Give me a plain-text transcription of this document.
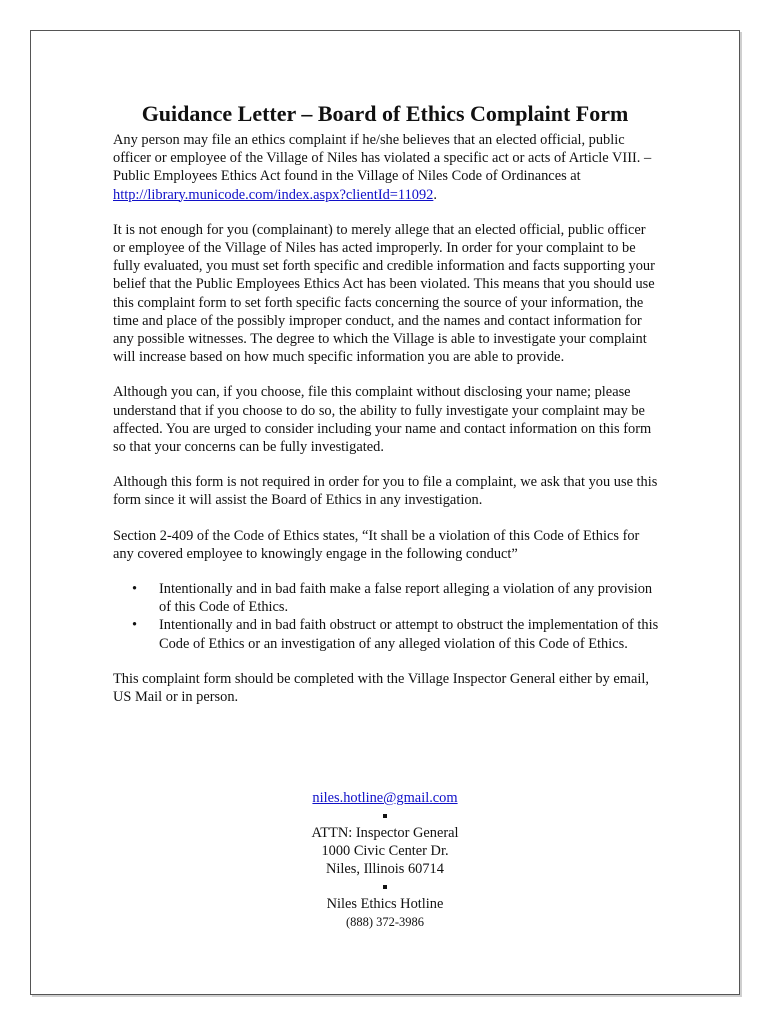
Guidance Letter – Board of Ethics Complaint Form

Any person may file an ethics complaint if he/she believes that an elected official, public officer or employee of the Village of Niles has violated a specific act or acts of Article VIII. – Public Employees Ethics Act found in the Village of Niles Code of Ordinances at http://library.municode.com/index.aspx?clientId=11092.

It is not enough for you (complainant) to merely allege that an elected official, public officer or employee of the Village of Niles has acted improperly. In order for your complaint to be fully evaluated, you must set forth specific and credible information and facts supporting your belief that the Public Employees Ethics Act has been violated. This means that you should use this complaint form to set forth specific facts concerning the source of your information, the time and place of the possibly improper conduct, and the names and contact information for any possible witnesses. The degree to which the Village is able to investigate your complaint will increase based on how much specific information you are able to provide.

Although you can, if you choose, file this complaint without disclosing your name; please understand that if you choose to do so, the ability to fully investigate your complaint may be affected. You are urged to consider including your name and contact information on this form so that your concerns can be fully investigated.

Although this form is not required in order for you to file a complaint, we ask that you use this form since it will assist the Board of Ethics in any investigation.

Section 2-409 of the Code of Ethics states, “It shall be a violation of this Code of Ethics for any covered employee to knowingly engage in the following conduct”

• Intentionally and in bad faith make a false report alleging a violation of any provision of this Code of Ethics.
• Intentionally and in bad faith obstruct or attempt to obstruct the implementation of this Code of Ethics or an investigation of any alleged violation of this Code of Ethics.

This complaint form should be completed with the Village Inspector General either by email, US Mail or in person.

niles.hotline@gmail.com
ATTN: Inspector General
1000 Civic Center Dr.
Niles, Illinois 60714
Niles Ethics Hotline
(888) 372-3986
